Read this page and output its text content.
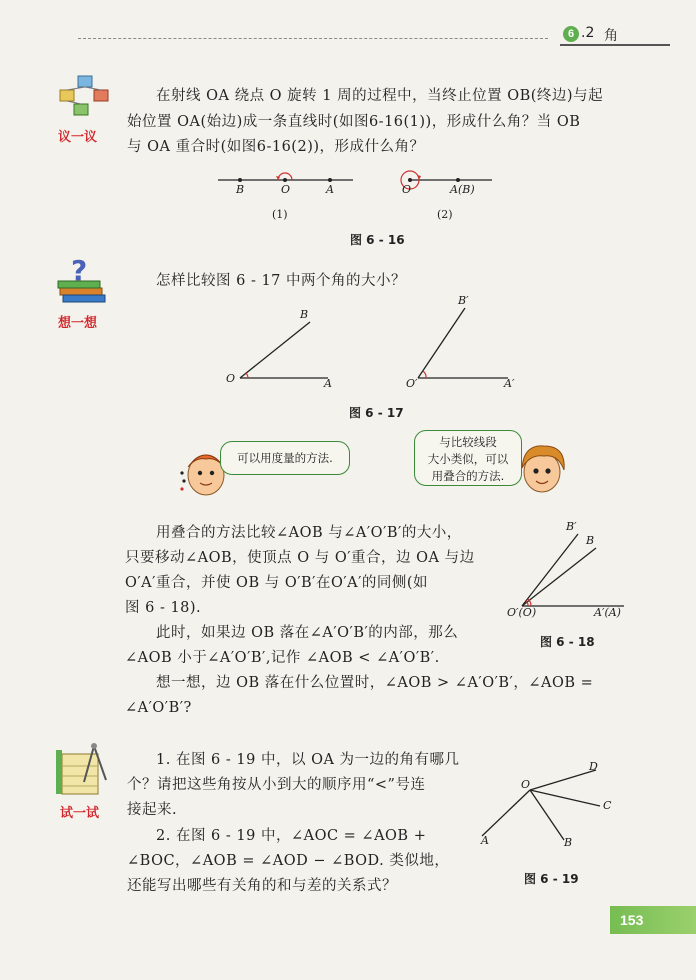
6 .2 角
议一议
在射线 OA 绕点 O 旋转 1 周的过程中，当终止位置 OB(终边)与起
始位置 OA(始边)成一条直线时(如图6-16(1))，形成什么角？当 OB
与 OA 重合时(如图6-16(2))，形成什么角？
B	O	A
(1)
O	A(B)
(2)
图 6 - 16
?
想一想
怎样比较图 6 - 17 中两个角的大小？
O	A
B
O′	A′
B′
图 6 - 17
可以用度量的方法.
与比较线段
大小类似，可以
用叠合的方法.
用叠合的方法比较∠AOB 与∠A′O′B′的大小，
只要移动∠AOB，使顶点 O 与 O′重合，边 OA 与边
O′A′重合，并使 OB 与 O′B′在O′A′的同侧(如
图 6 - 18).
此时，如果边 OB 落在∠A′O′B′的内部，那么
∠AOB 小于∠A′O′B′,记作 ∠AOB < ∠A′O′B′.
想一想，边 OB 落在什么位置时，∠AOB > ∠A′O′B′，∠AOB =
∠A′O′B′?
B′
B
O′(O)	A′(A)
图 6 - 18
试一试
1. 在图 6 - 19 中，以 OA 为一边的角有哪几
个？请把这些角按从小到大的顺序用“<”号连
接起来.
2. 在图 6 - 19 中，∠AOC = ∠AOB +
∠BOC，∠AOB = ∠AOD − ∠BOD. 类似地，
还能写出哪些有关角的和与差的关系式？
O
D
C
B
A
图 6 - 19
153
